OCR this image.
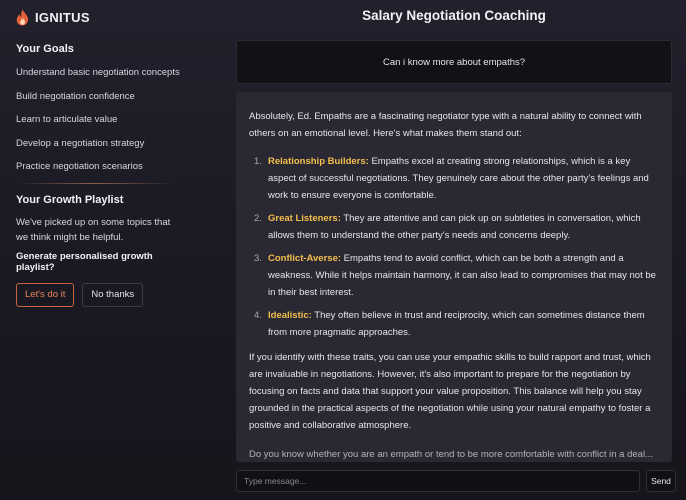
IGNITUS
Your Goals
Understand basic negotiation concepts
Build negotiation confidence
Learn to articulate value
Develop a negotiation strategy
Practice negotiation scenarios
Your Growth Playlist

We've picked up on some topics that we think might be helpful.

Generate personalised growth playlist?

Let's do it	No thanks
Salary Negotiation Coaching
Can i know more about empaths?

Absolutely, Ed. Empaths are a fascinating negotiator type with a natural ability to connect with others on an emotional level. Here's what makes them stand out:

1. Relationship Builders: Empaths excel at creating strong relationships, which is a key aspect of successful negotiations. They genuinely care about the other party's feelings and work to ensure everyone is comfortable.
2. Great Listeners: They are attentive and can pick up on subtleties in conversation, which allows them to understand the other party's needs and concerns deeply.
3. Conflict-Averse: Empaths tend to avoid conflict, which can be both a strength and a weakness. While it helps maintain harmony, it can also lead to compromises that may not be in their best interest.
4. Idealistic: They often believe in trust and reciprocity, which can sometimes distance them from more pragmatic approaches.

If you identify with these traits, you can use your empathic skills to build rapport and trust, which are invaluable in negotiations. However, it's also important to prepare for the negotiation by focusing on facts and data that support your value proposition. This balance will help you stay grounded in the practical aspects of the negotiation while using your natural empathy to foster a positive and collaborative atmosphere.

Do you know whether you are an empath or tend to be more comfortable with conflict in a deal...

Type message...
Send
